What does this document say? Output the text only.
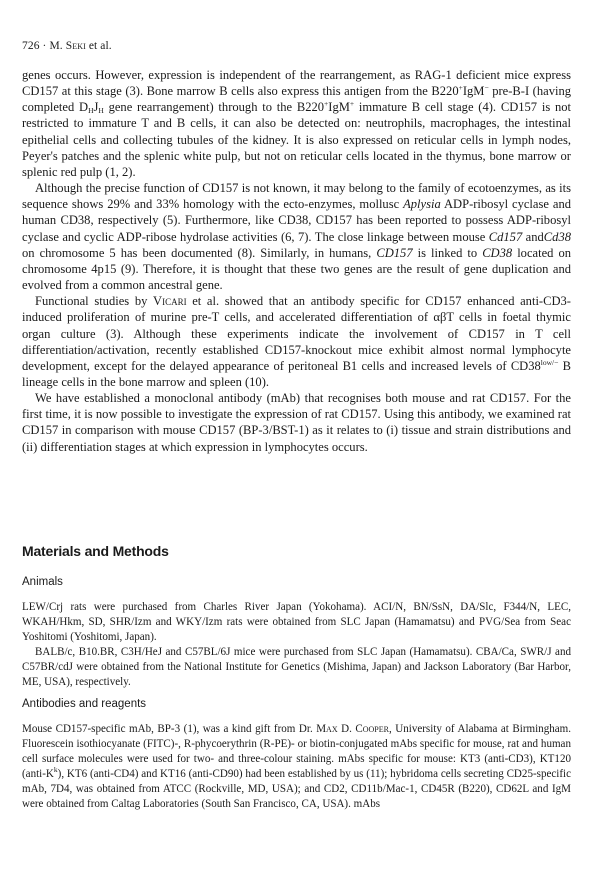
726 · M. Seki et al.

genes occurs. However, expression is independent of the rearrangement, as RAG-1 deficient mice express CD157 at this stage (3). Bone marrow B cells also express this antigen from the B220+IgM− pre-B-I (having completed $D_HJ_H$ gene rearrangement) through to the B220+IgM+ immature B cell stage (4). CD157 is not restricted to immature T and B cells, it can also be detected on: neutrophils, macrophages, the intestinal epithelial cells and collecting tubules of the kidney. It is also expressed on reticular cells in lymph nodes, Peyer's patches and the splenic white pulp, but not on reticular cells located in the thymus, bone marrow or splenic red pulp (1, 2).

Although the precise function of CD157 is not known, it may belong to the family of ecotoenzymes, as its sequence shows 29% and 33% homology with the ecto-enzymes, mollusc Aplysia ADP-ribosyl cyclase and human CD38, respectively (5). Furthermore, like CD38, CD157 has been reported to possess ADP-ribosyl cyclase and cyclic ADP-ribose hydrolase activities (6, 7). The close linkage between mouse Cd157 andCd38 on chromosome 5 has been documented (8). Similarly, in humans, CD157 is linked to CD38 located on chromosome 4p15 (9). Therefore, it is thought that these two genes are the result of gene duplication and evolved from a common ancestral gene.

Functional studies by Vicari et al. showed that an antibody specific for CD157 enhanced anti-CD3-induced proliferation of murine pre-T cells, and accelerated differentiation of αβT cells in foetal thymic organ culture (3). Although these experiments indicate the involvement of CD157 in T cell differentiation/activation, recently established CD157-knockout mice exhibit almost normal lymphocyte development, except for the delayed appearance of peritoneal B1 cells and increased levels of $CD38^{low/-}$ B lineage cells in the bone marrow and spleen (10).

We have established a monoclonal antibody (mAb) that recognises both mouse and rat CD157. For the first time, it is now possible to investigate the expression of rat CD157. Using this antibody, we examined rat CD157 in comparison with mouse CD157 (BP-3/BST-1) as it relates to (i) tissue and strain distributions and (ii) differentiation stages at which expression in lymphocytes occurs.

Materials and Methods
Animals

LEW/Crj rats were purchased from Charles River Japan (Yokohama). ACI/N, BN/SsN, DA/Slc, F344/N, LEC, WKAH/Hkm, SD, SHR/Izm and WKY/Izm rats were obtained from SLC Japan (Hamamatsu) and PVG/Sea from Seac Yoshitomi (Yoshitomi, Japan).

BALB/c, B10.BR, C3H/HeJ and C57BL/6J mice were purchased from SLC Japan (Hamamatsu). CBA/Ca, SWR/J and C57BR/cdJ were obtained from the National Institute for Genetics (Mishima, Japan) and Jackson Laboratory (Bar Harbor, ME, USA), respectively.

Antibodies and reagents

Mouse CD157-specific mAb, BP-3 (1), was a kind gift from Dr. Max D. Cooper, University of Alabama at Birmingham. Fluorescein isothiocyanate (FITC)-, R-phycoerythrin (R-PE)- or biotin-conjugated mAbs specific for mouse, rat and human cell surface molecules were used for two- and three-colour staining. mAbs specific for mouse: KT3 (anti-CD3), KT120 $(anti-K^k)$, KT6 (anti-CD4) and KT16 (anti-CD90) had been established by us (11); hybridoma cells secreting CD25-specific mAb, 7D4, was obtained from ATCC (Rockville, MD, USA); and CD2, CD11b/Mac-1, CD45R (B220), CD62L and IgM were obtained from Caltag Laboratories (South San Francisco, CA, USA). mAbs
